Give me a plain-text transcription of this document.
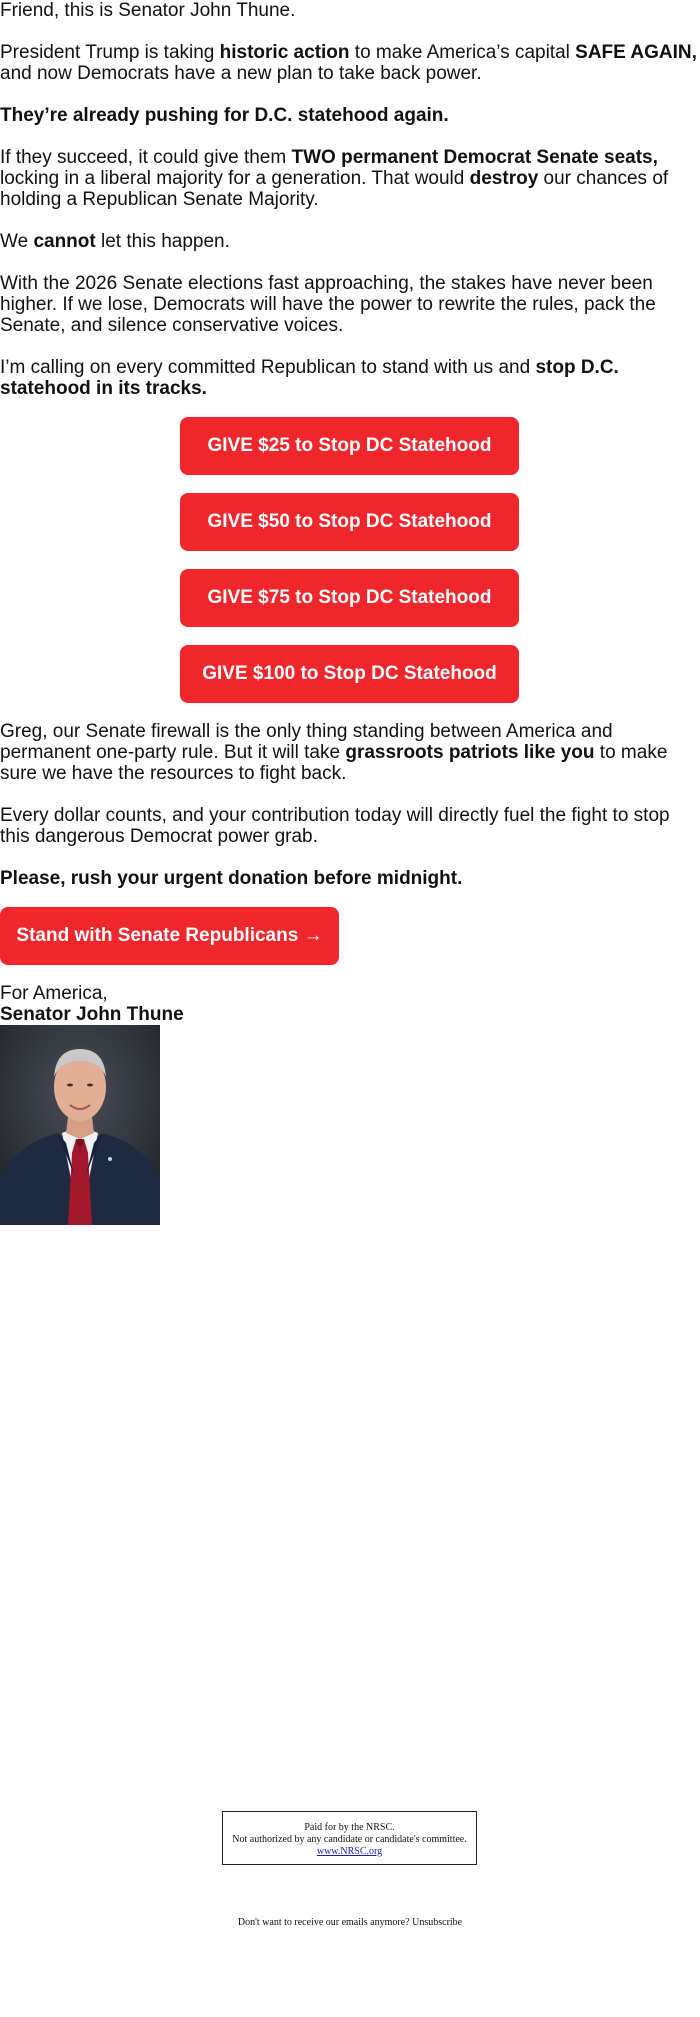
Friend, this is Senator John Thune.

President Trump is taking historic action to make America’s capital SAFE AGAIN, and now Democrats have a new plan to take back power.

They’re already pushing for D.C. statehood again.

If they succeed, it could give them TWO permanent Democrat Senate seats, locking in a liberal majority for a generation. That would destroy our chances of holding a Republican Senate Majority.

We cannot let this happen.

With the 2026 Senate elections fast approaching, the stakes have never been higher. If we lose, Democrats will have the power to rewrite the rules, pack the Senate, and silence conservative voices.

I’m calling on every committed Republican to stand with us and stop D.C. statehood in its tracks.

GIVE $25 to Stop DC Statehood
GIVE $50 to Stop DC Statehood
GIVE $75 to Stop DC Statehood
GIVE $100 to Stop DC Statehood

Greg, our Senate firewall is the only thing standing between America and permanent one-party rule. But it will take grassroots patriots like you to make sure we have the resources to fight back.

Every dollar counts, and your contribution today will directly fuel the fight to stop this dangerous Democrat power grab.

Please, rush your urgent donation before midnight.

Stand with Senate Republicans →

For America,

Senator John Thune

Paid for by the NRSC.
Not authorized by any candidate or candidate's committee.
www.NRSC.org
Don't want to receive our emails anymore? Unsubscribe
